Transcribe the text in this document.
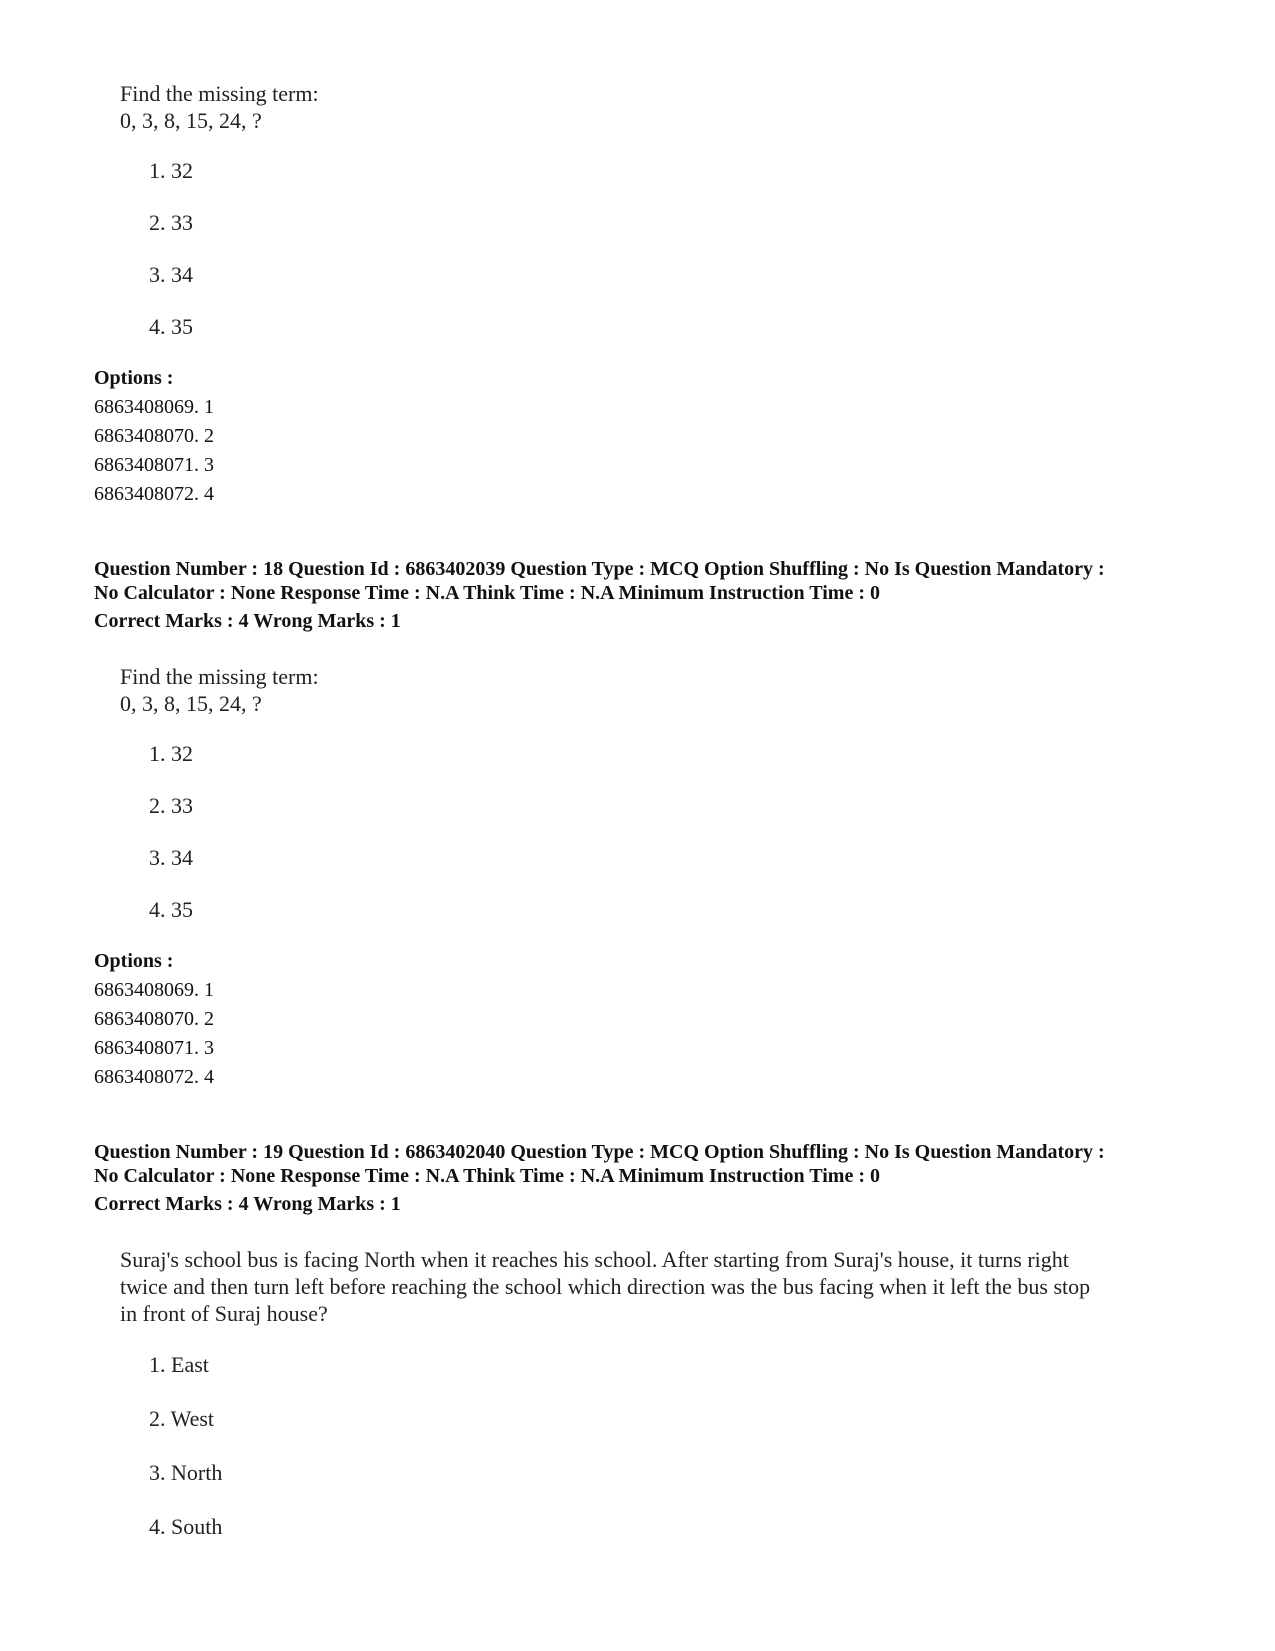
Find the missing term:
0, 3, 8, 15, 24, ?
1. 32
2. 33
3. 34
4. 35
Options :
6863408069. 1
6863408070. 2
6863408071. 3
6863408072. 4
Question Number : 18 Question Id : 6863402039 Question Type : MCQ Option Shuffling : No Is Question Mandatory :
No Calculator : None Response Time : N.A Think Time : N.A Minimum Instruction Time : 0
Correct Marks : 4 Wrong Marks : 1
Find the missing term:
0, 3, 8, 15, 24, ?
1. 32
2. 33
3. 34
4. 35
Options :
6863408069. 1
6863408070. 2
6863408071. 3
6863408072. 4
Question Number : 19 Question Id : 6863402040 Question Type : MCQ Option Shuffling : No Is Question Mandatory :
No Calculator : None Response Time : N.A Think Time : N.A Minimum Instruction Time : 0
Correct Marks : 4 Wrong Marks : 1
Suraj's school bus is facing North when it reaches his school. After starting from Suraj's house, it turns right
twice and then turn left before reaching the school which direction was the bus facing when it left the bus stop
in front of Suraj house?
1. East
2. West
3. North
4. South
